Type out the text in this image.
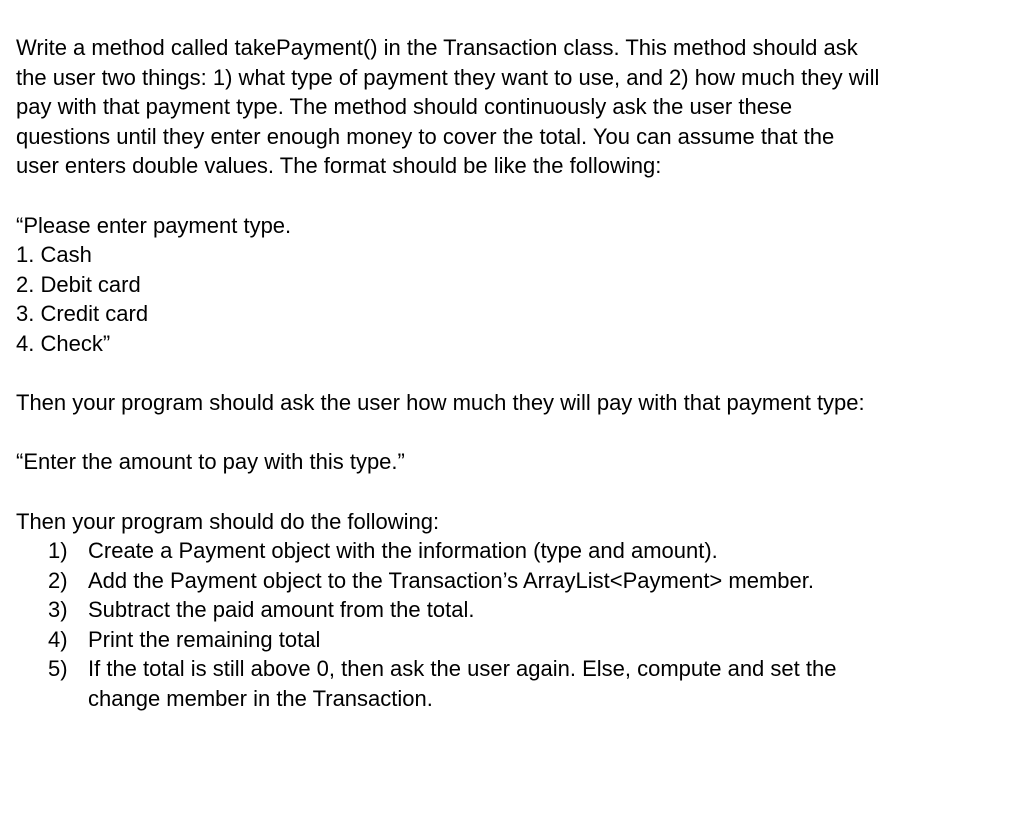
Write a method called takePayment() in the Transaction class. This method should ask
the user two things: 1) what type of payment they want to use, and 2) how much they will
pay with that payment type. The method should continuously ask the user these
questions until they enter enough money to cover the total. You can assume that the
user enters double values. The format should be like the following:

“Please enter payment type.
1. Cash
2. Debit card
3. Credit card
4. Check”

Then your program should ask the user how much they will pay with that payment type:

“Enter the amount to pay with this type.”

Then your program should do the following:

1) Create a Payment object with the information (type and amount).
2) Add the Payment object to the Transaction’s ArrayList<Payment> member.
3) Subtract the paid amount from the total.
4) Print the remaining total
5) If the total is still above 0, then ask the user again. Else, compute and set the
change member in the Transaction.
